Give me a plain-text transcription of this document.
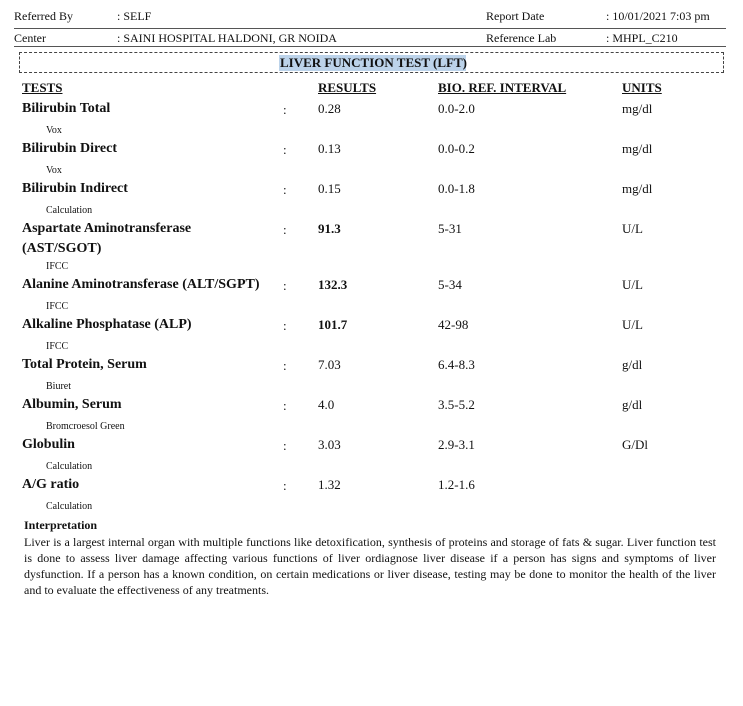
Referred By	: SELF	Report Date	: 10/01/2021 7:03 pm
Center	: SAINI HOSPITAL HALDONI, GR NOIDA	Reference Lab	: MHPL_C210
LIVER FUNCTION TEST (LFT)
TESTS	RESULTS	BIO. REF. INTERVAL	UNITS
Bilirubin Total	: 0.28	0.0-2.0	mg/dl
Vox
Bilirubin Direct	: 0.13	0.0-0.2	mg/dl
Vox
Bilirubin Indirect	: 0.15	0.0-1.8	mg/dl
Calculation
Aspartate Aminotransferase
(AST/SGOT)
: 91.3	5-31	U/L
IFCC
Alanine Aminotransferase (ALT/SGPT) : 132.3	5-34	U/L
IFCC
Alkaline Phosphatase (ALP)	: 101.7	42-98	U/L
IFCC
Total Protein, Serum	: 7.03	6.4-8.3	g/dl
Biuret
Albumin, Serum	: 4.0	3.5-5.2	g/dl
Bromcroesol Green
Globulin	: 3.03	2.9-3.1	G/Dl
Calculation
A/G ratio	: 1.32	1.2-1.6
Calculation
Interpretation
Liver is a largest internal organ with multiple functions like detoxification, synthesis of proteins and storage of fats & sugar. Liver function test is done to assess liver damage affecting various functions of liver ordiagnose liver disease if a person has signs and symptoms of liver dysfunction. If a person has a known condition, on certain medications or liver disease, testing may be done to monitor the health of the liver and to evaluate the effectiveness of any treatments.
